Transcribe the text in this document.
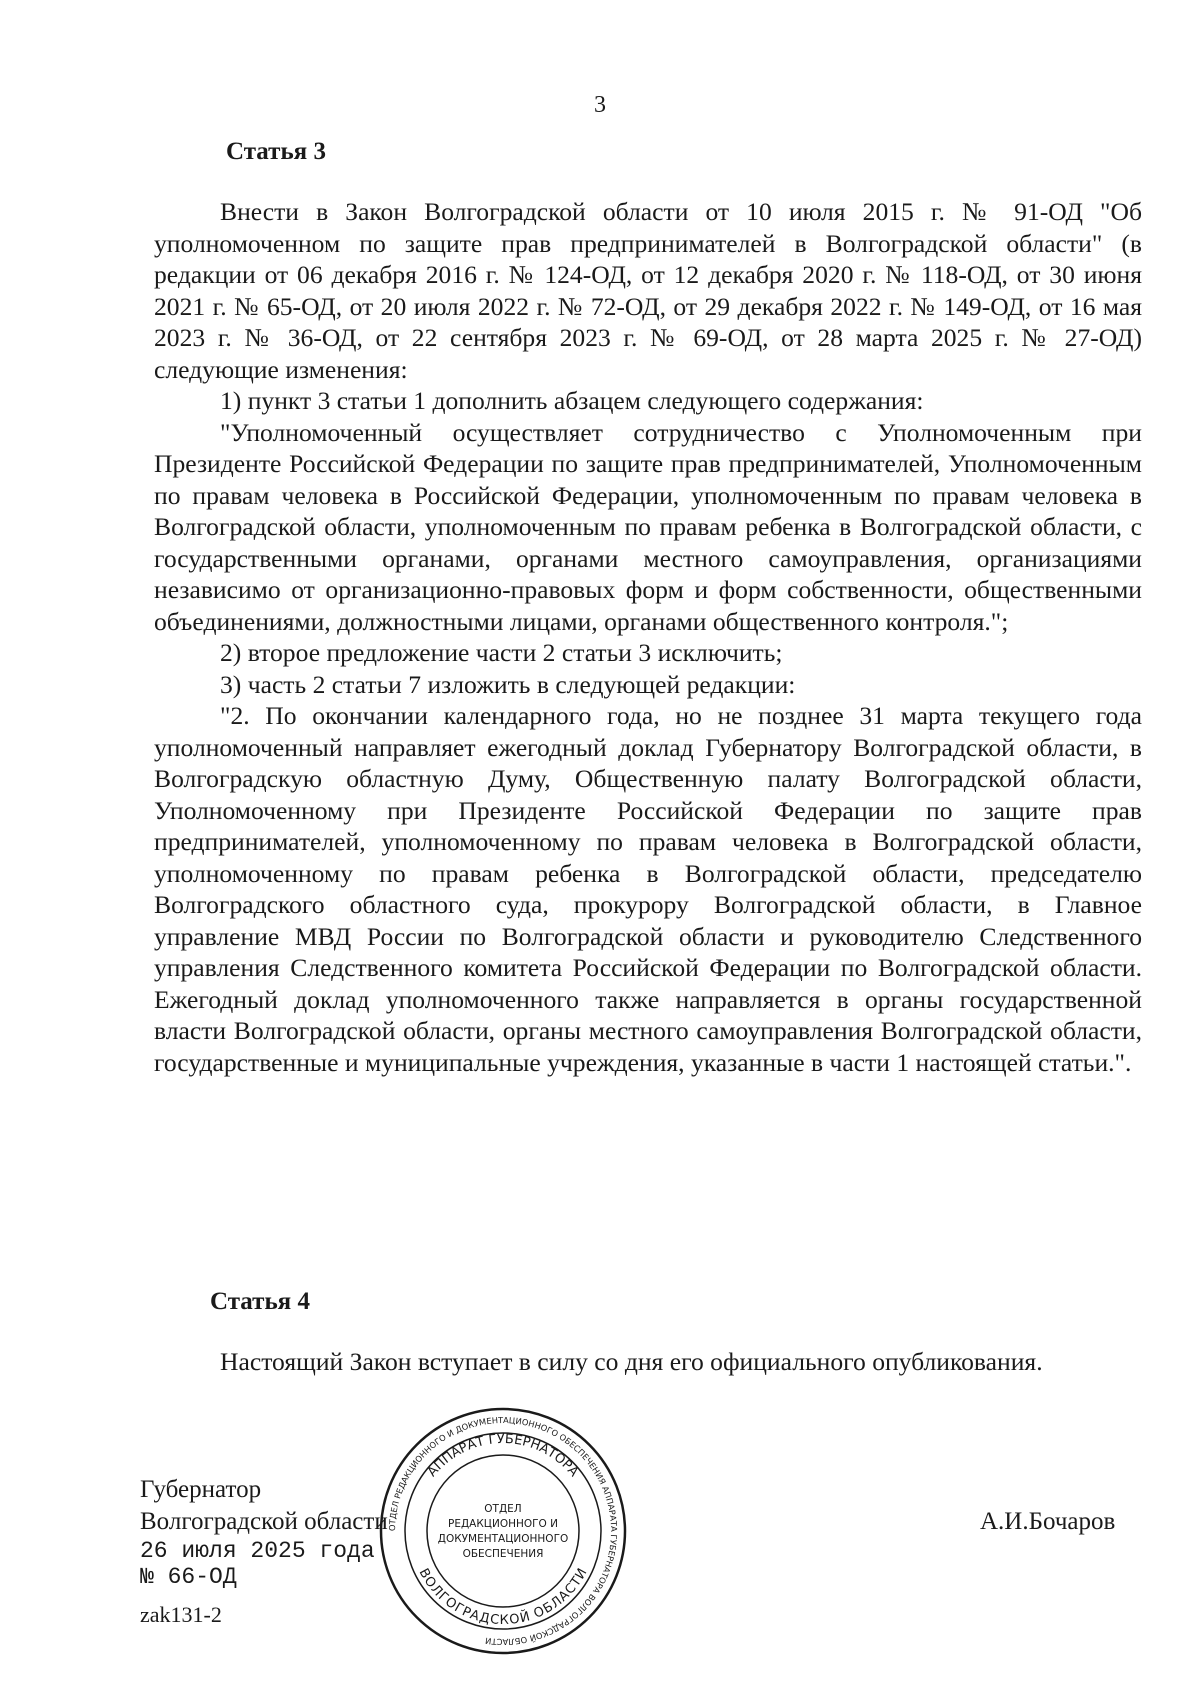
3
Статья 3

Внести в Закон Волгоградской области от 10 июля 2015 г. № 91-ОД "Об уполномоченном по защите прав предпринимателей в Волгоградской области" (в редакции от 06 декабря 2016 г. № 124-ОД, от 12 декабря 2020 г. № 118-ОД, от 30 июня 2021 г. № 65-ОД, от 20 июля 2022 г. № 72-ОД, от 29 декабря 2022 г. № 149-ОД, от 16 мая 2023 г. № 36-ОД, от 22 сентября 2023 г. № 69-ОД, от 28 марта 2025 г. № 27-ОД) следующие изменения:

1) пункт 3 статьи 1 дополнить абзацем следующего содержания:

"Уполномоченный осуществляет сотрудничество с Уполномоченным при Президенте Российской Федерации по защите прав предпринимателей, Уполномоченным по правам человека в Российской Федерации, уполномоченным по правам человека в Волгоградской области, уполномоченным по правам ребенка в Волгоградской области, с государственными органами, органами местного самоуправления, организациями независимо от организационно-правовых форм и форм собственности, общественными объединениями, должностными лицами, органами общественного контроля.";

2) второе предложение части 2 статьи 3 исключить;

3) часть 2 статьи 7 изложить в следующей редакции:

"2. По окончании календарного года, но не позднее 31 марта текущего года уполномоченный направляет ежегодный доклад Губернатору Волгоградской области, в Волгоградскую областную Думу, Общественную палату Волгоградской области, Уполномоченному при Президенте Российской Федерации по защите прав предпринимателей, уполномоченному по правам человека в Волгоградской области, уполномоченному по правам ребенка в Волгоградской области, председателю Волгоградского областного суда, прокурору Волгоградской области, в Главное управление МВД России по Волгоградской области и руководителю Следственного управления Следственного комитета Российской Федерации по Волгоградской области. Ежегодный доклад уполномоченного также направляется в органы государственной власти Волгоградской области, органы местного самоуправления Волгоградской области, государственные и муниципальные учреждения, указанные в части 1 настоящей статьи.".

Статья 4

Настоящий Закон вступает в силу со дня его официального опубликования.

Губернатор
Волгоградской области	А.И.Бочаров
26 июля 2025 года
№ 66-ОД
zak131-2
ОТДЕЛ РЕДАКЦИОННОГО И ДОКУМЕНТАЦИОННОГО ОБЕСПЕЧЕНИЯ АППАРАТА ГУБЕРНАТОРА ВОЛГОГРАДСКОЙ ОБЛАСТИ
АППАРАТ ГУБЕРНАТОРА
ВОЛГОГРАДСКОЙ ОБЛАСТИ
ОТДЕЛ
РЕДАКЦИОННОГО И
ДОКУМЕНТАЦИОННОГО
ОБЕСПЕЧЕНИЯ
